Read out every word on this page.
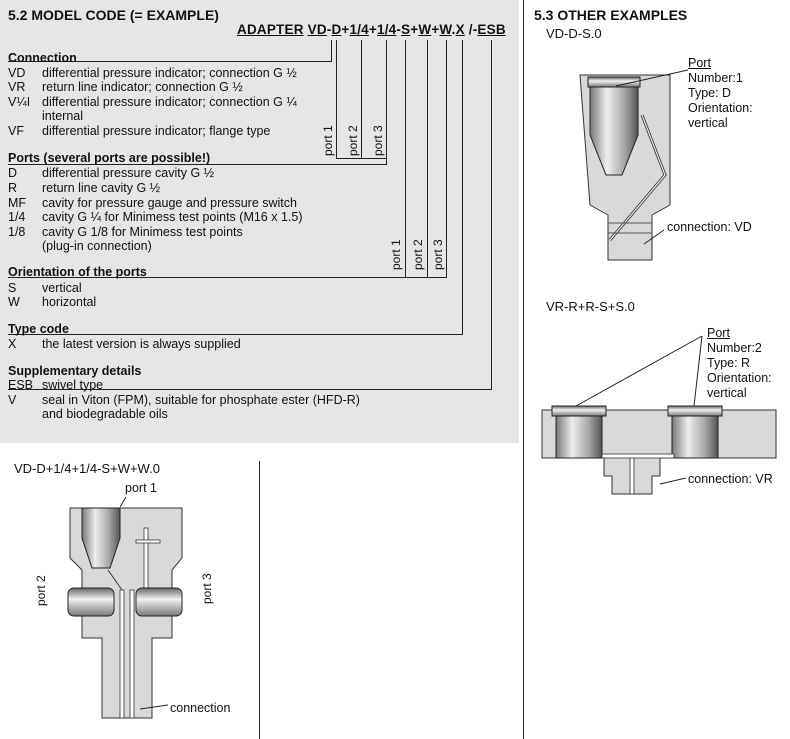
5.2 MODEL CODE (= EXAMPLE)
ADAPTER VD-D+1/4+1/4-S+W+W.X /-ESB
port 1 port 2 port 3
port 1 port 2 port 3
Connection
VD differential pressure indicator; connection G ½
VR return line indicator; connection G ½
V¼I differential pressure indicator; connection G ¼
internal
VF differential pressure indicator; flange type
Ports (several ports are possible!)
D differential pressure cavity G ½
R return line cavity G ½
MF cavity for pressure gauge and pressure switch
1/4 cavity G ¼ for Minimess test points (M16 x 1.5)
1/8 cavity G 1/8 for Minimess test points
(plug-in connection)
Orientation of the ports
S vertical
W horizontal
Type code
X the latest version is always supplied
Supplementary details
ESB swivel type
V seal in Viton (FPM), suitable for phosphate ester (HFD-R)
and biodegradable oils
VD-D+1/4+1/4-S+W+W.0
port 1
port 2	port 3
connection
5.3 OTHER EXAMPLES
VD-D-S.0
Port
Number:1
Type: D
Orientation:
vertical
connection: VD
VR-R+R-S+S.0
Port
Number:2
Type: R
Orientation:
vertical
connection: VR
